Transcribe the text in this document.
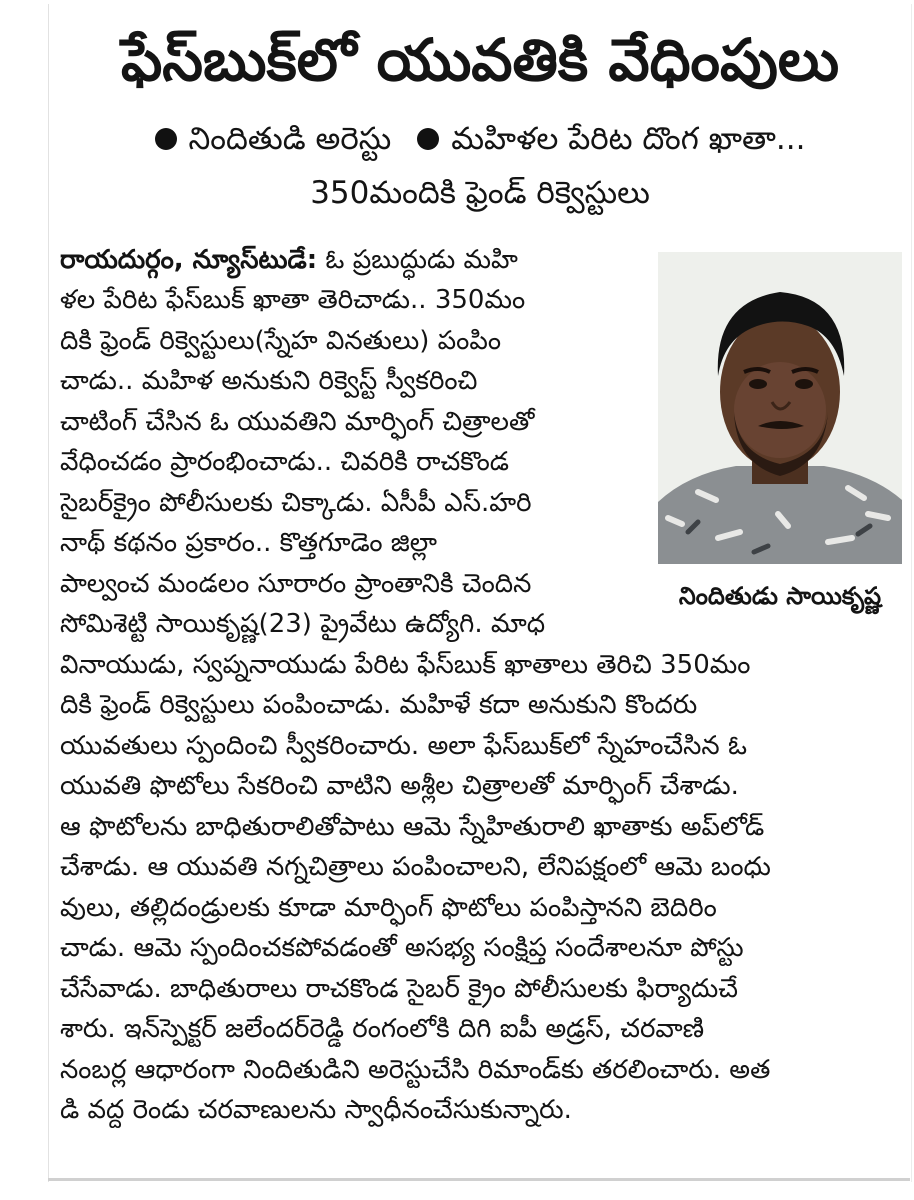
ఫేస్‌బుక్‌లో యువతికి వేధింపులు
నిందితుడి అరెస్టు మహిళల పేరిట దొంగ ఖాతా...
350మందికి ఫ్రెండ్‌ రిక్వెస్టులు
రాయదుర్గం, న్యూస్‌టుడే: ఓ ప్రబుద్ధుడు మహి
ళల పేరిట ఫేస్‌బుక్‌ ఖాతా తెరిచాడు.. 350మం
దికి ఫ్రెండ్‌ రిక్వెస్టులు(స్నేహ వినతులు) పంపిం
చాడు.. మహిళ అనుకుని రిక్వెస్ట్‌ స్వీకరించి
చాటింగ్‌ చేసిన ఓ యువతిని మార్ఫింగ్‌ చిత్రాలతో
వేధించడం ప్రారంభించాడు.. చివరికి రాచకొండ
సైబర్‌క్రైం పోలీసులకు చిక్కాడు. ఏసీపీ ఎస్‌.హరి
నాథ్‌ కథనం ప్రకారం.. కొత్తగూడెం జిల్లా
పాల్వంచ మండలం సూరారం ప్రాంతానికి చెందిన
సోమిశెట్టి సాయికృష్ణ(23) ప్రైవేటు ఉద్యోగి. మాధ
వినాయుడు, స్వప్ననాయుడు పేరిట ఫేస్‌బుక్‌ ఖాతాలు తెరిచి 350మం
దికి ఫ్రెండ్‌ రిక్వెస్టులు పంపించాడు. మహిళే కదా అనుకుని కొందరు
యువతులు స్పందించి స్వీకరించారు. అలా ఫేస్‌బుక్‌లో స్నేహంచేసిన ఓ
యువతి ఫొటోలు సేకరించి వాటిని అశ్లీల చిత్రాలతో మార్ఫింగ్‌ చేశాడు.
ఆ ఫొటోలను బాధితురాలితోపాటు ఆమె స్నేహితురాలి ఖాతాకు అప్‌లోడ్‌
చేశాడు. ఆ యువతి నగ్నచిత్రాలు పంపించాలని, లేనిపక్షంలో ఆమె బంధు
వులు, తల్లిదండ్రులకు కూడా మార్ఫింగ్‌ ఫొటోలు పంపిస్తానని బెదిరిం
చాడు. ఆమె స్పందించకపోవడంతో అసభ్య సంక్షిప్త సందేశాలనూ పోస్టు
చేసేవాడు. బాధితురాలు రాచకొండ సైబర్‌ క్రైం పోలీసులకు ఫిర్యాదుచే
శారు. ఇన్‌స్పెక్టర్‌ జలేందర్‌రెడ్డి రంగంలోకి దిగి ఐపీ అడ్రస్‌, చరవాణి
నంబర్ల ఆధారంగా నిందితుడిని అరెస్టుచేసి రిమాండ్‌కు తరలించారు. అత
డి వద్ద రెండు చరవాణులను స్వాధీనంచేసుకున్నారు.
నిందితుడు సాయికృష్ణ
